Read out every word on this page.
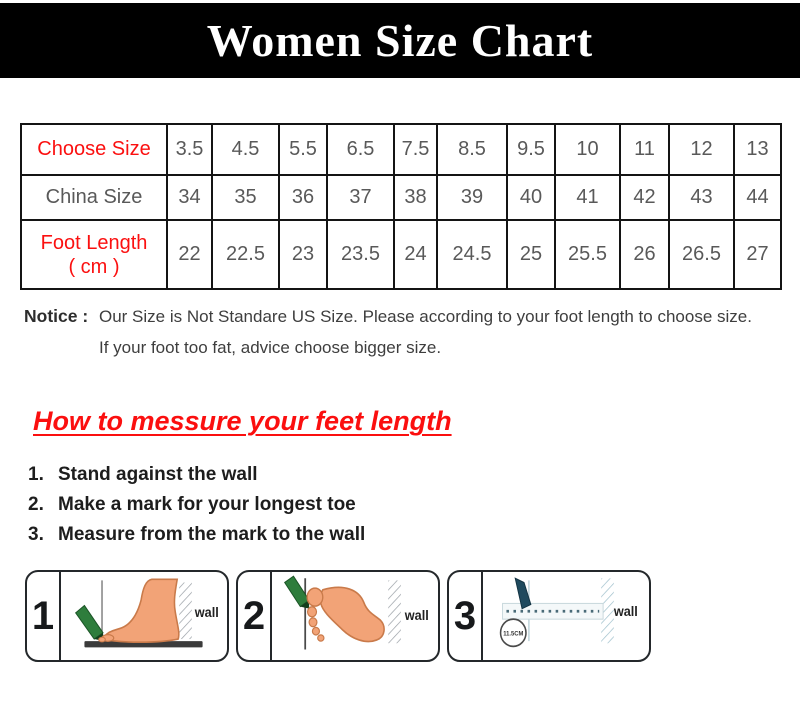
Women Size Chart
Choose Size	3.5	4.5	5.5	6.5	7.5	8.5	9.5	10	11	12	13
China Size	34	35	36	37	38	39	40	41	42	43	44

Foot Length
( cm )	22	22.5	23	23.5	24	24.5	25	25.5	26	26.5	27
Notice : Our Size is Not Standare US Size. Please according to your foot length to choose size.
If your foot too fat, advice choose bigger size.
How to messure your feet length
1. Stand against the wall
2. Make a mark for your longest toe
3. Measure from the mark to the wall
1	wall 2	wall 3	11.5CM
wall
